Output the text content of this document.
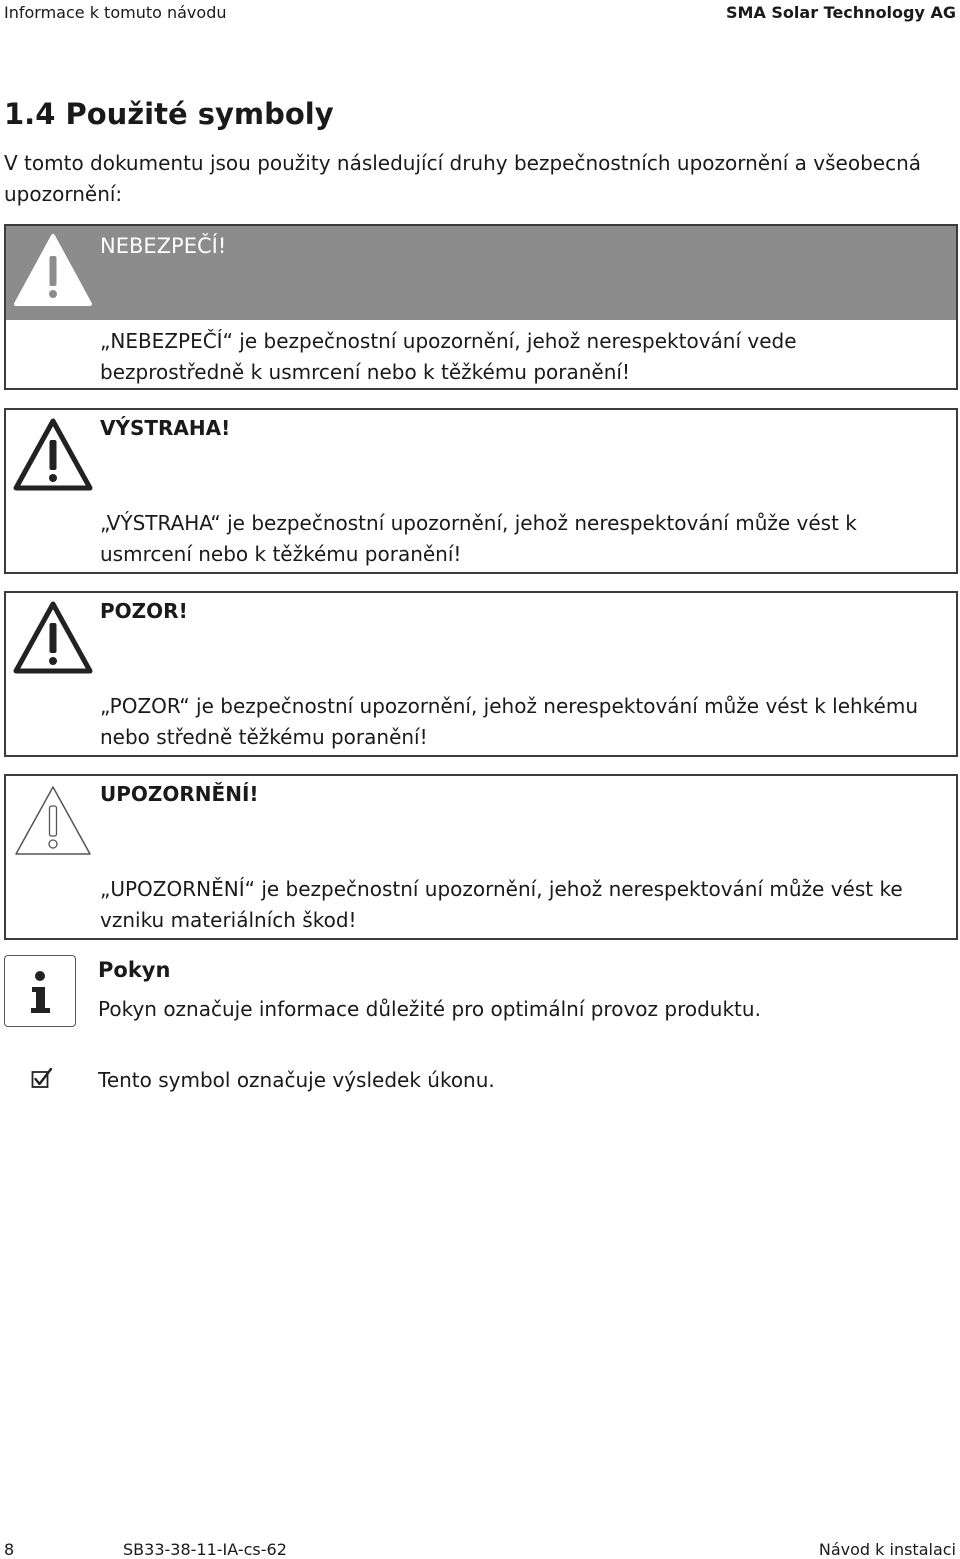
Informace k tomuto návodu	SMA Solar Technology AG
1.4 Použité symboly

V tomto dokumentu jsou použity následující druhy bezpečnostních upozornění a všeobecná upozornění:

NEBEZPEČÍ!
„NEBEZPEČÍ“ je bezpečnostní upozornění, jehož nerespektování vede bezprostředně k usmrcení nebo k těžkému poranění!
VÝSTRAHA!
„VÝSTRAHA“ je bezpečnostní upozornění, jehož nerespektování může vést k usmrcení nebo k těžkému poranění!
POZOR!
„POZOR“ je bezpečnostní upozornění, jehož nerespektování může vést k lehkému nebo středně těžkému poranění!
UPOZORNĚNÍ!
„UPOZORNĚNÍ“ je bezpečnostní upozornění, jehož nerespektování může vést ke vzniku materiálních škod!
Pokyn
Pokyn označuje informace důležité pro optimální provoz produktu.
Tento symbol označuje výsledek úkonu.
8	SB33-38-11-IA-cs-62	Návod k instalaci
